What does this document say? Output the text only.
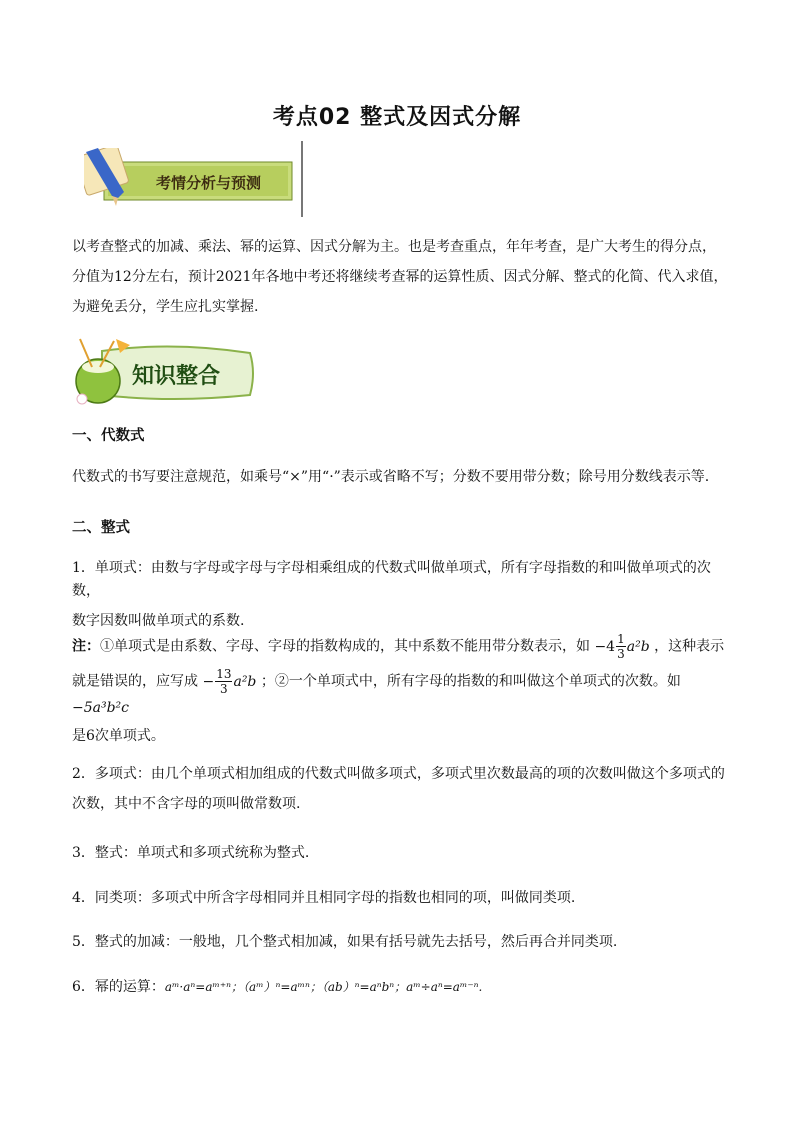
考点02 整式及因式分解
考情分析与预测
以考查整式的加减、乘法、幂的运算、因式分解为主。也是考查重点，年年考查，是广大考生的得分点，
分值为12分左右，预计2021年各地中考还将继续考查幂的运算性质、因式分解、整式的化简、代入求值，
为避免丢分，学生应扎实掌握.
知识整合
一、代数式
代数式的书写要注意规范，如乘号“×”用“·”表示或省略不写；分数不要用带分数；除号用分数线表示等.
二、整式
1．单项式：由数与字母或字母与字母相乘组成的代数式叫做单项式，所有字母指数的和叫做单项式的次数，
数字因数叫做单项式的系数.
注：①单项式是由系数、字母、字母的指数构成的，其中系数不能用带分数表示，如 $-4 \frac{1}{3} a^2b$ ，这种表示
就是错误的，应写成 − $\frac{13}{3} a^2b$ ；②一个单项式中，所有字母的指数的和叫做这个单项式的次数。如−5a³b²c
是6次单项式。
2．多项式：由几个单项式相加组成的代数式叫做多项式，多项式里次数最高的项的次数叫做这个多项式的
次数，其中不含字母的项叫做常数项.
3．整式：单项式和多项式统称为整式.
4．同类项：多项式中所含字母相同并且相同字母的指数也相同的项，叫做同类项.
5．整式的加减：一般地，几个整式相加减，如果有括号就先去括号，然后再合并同类项.
6．幂的运算：aᵐ·aⁿ=aᵐ⁺ⁿ；（aᵐ）ⁿ=aᵐⁿ；（ab）ⁿ=aⁿbⁿ；aᵐ÷aⁿ=aᵐ⁻ⁿ.
